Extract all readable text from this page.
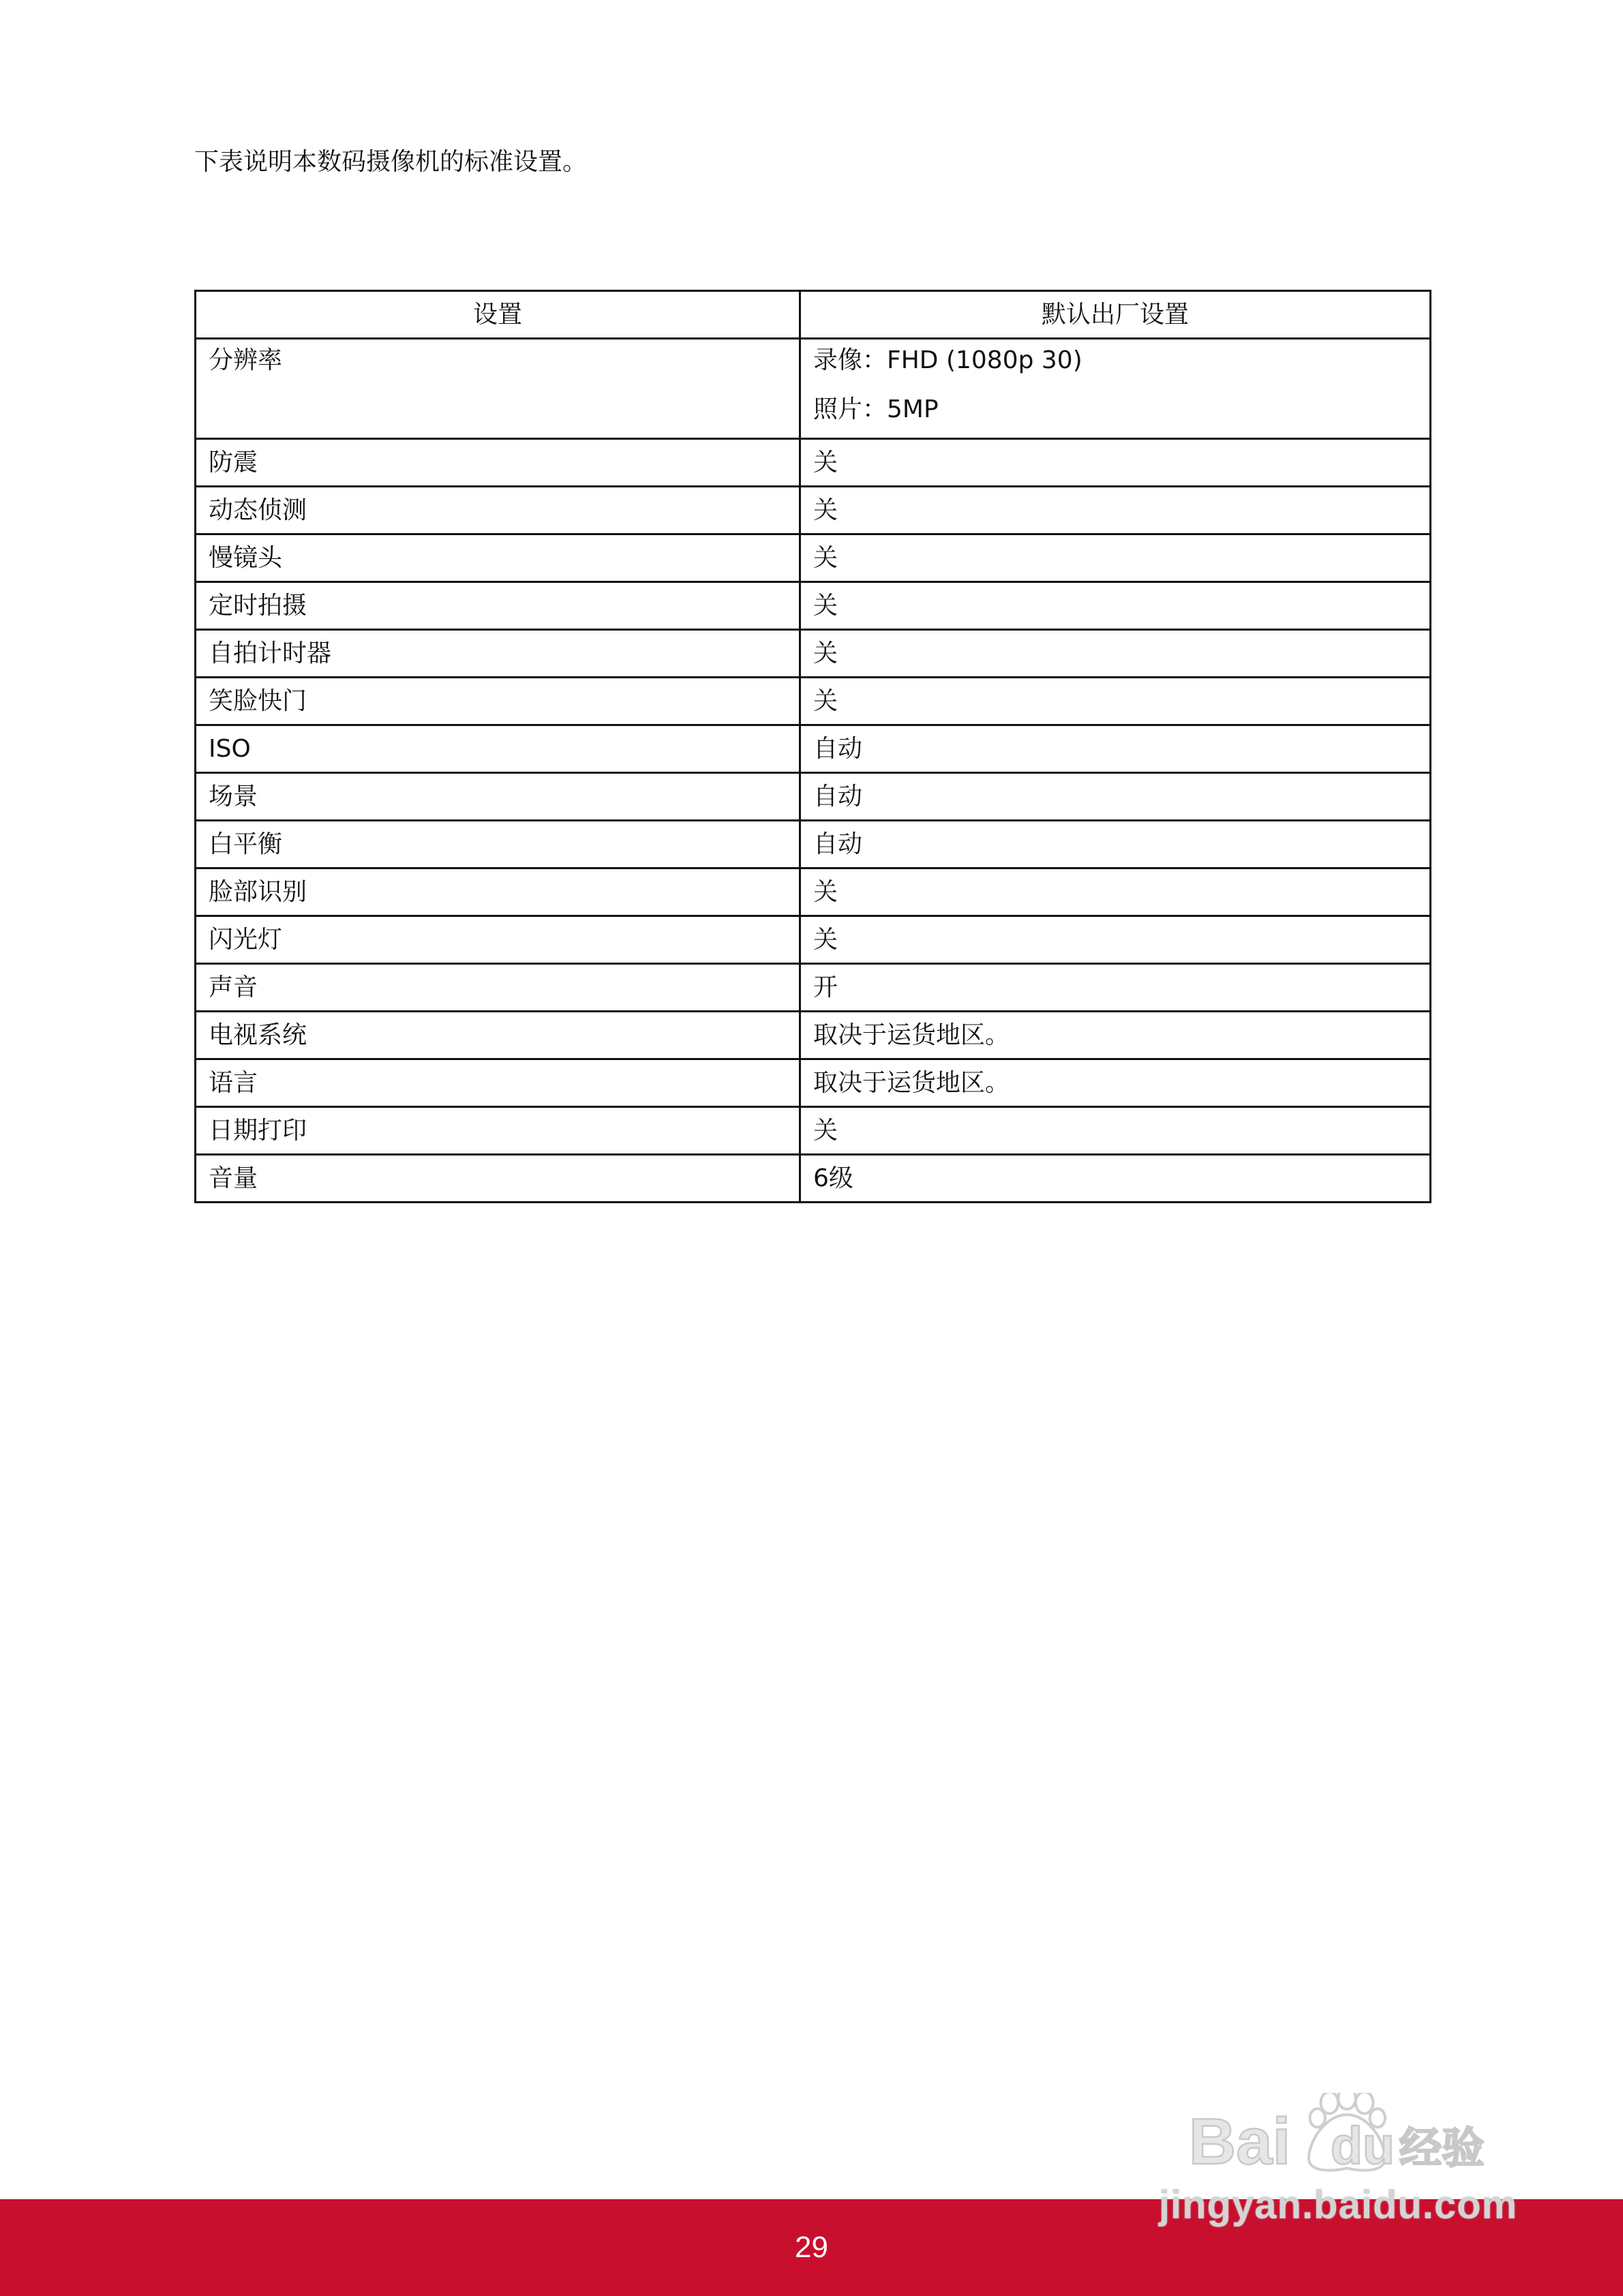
下表说明本数码摄像机的标准设置。
设置	默认出厂设置
分辨率	录像：FHD (1080p 30)
照片：5MP

防震	关
动态侦测	关
慢镜头	关
定时拍摄	关
自拍计时器	关
笑脸快门	关
ISO	自动
场景	自动
白平衡	自动
脸部识别	关
闪光灯	关
声音	开
电视系统	取决于运货地区。
语言	取决于运货地区。
日期打印	关
音量	6级
29
jingyan.baidu.com
